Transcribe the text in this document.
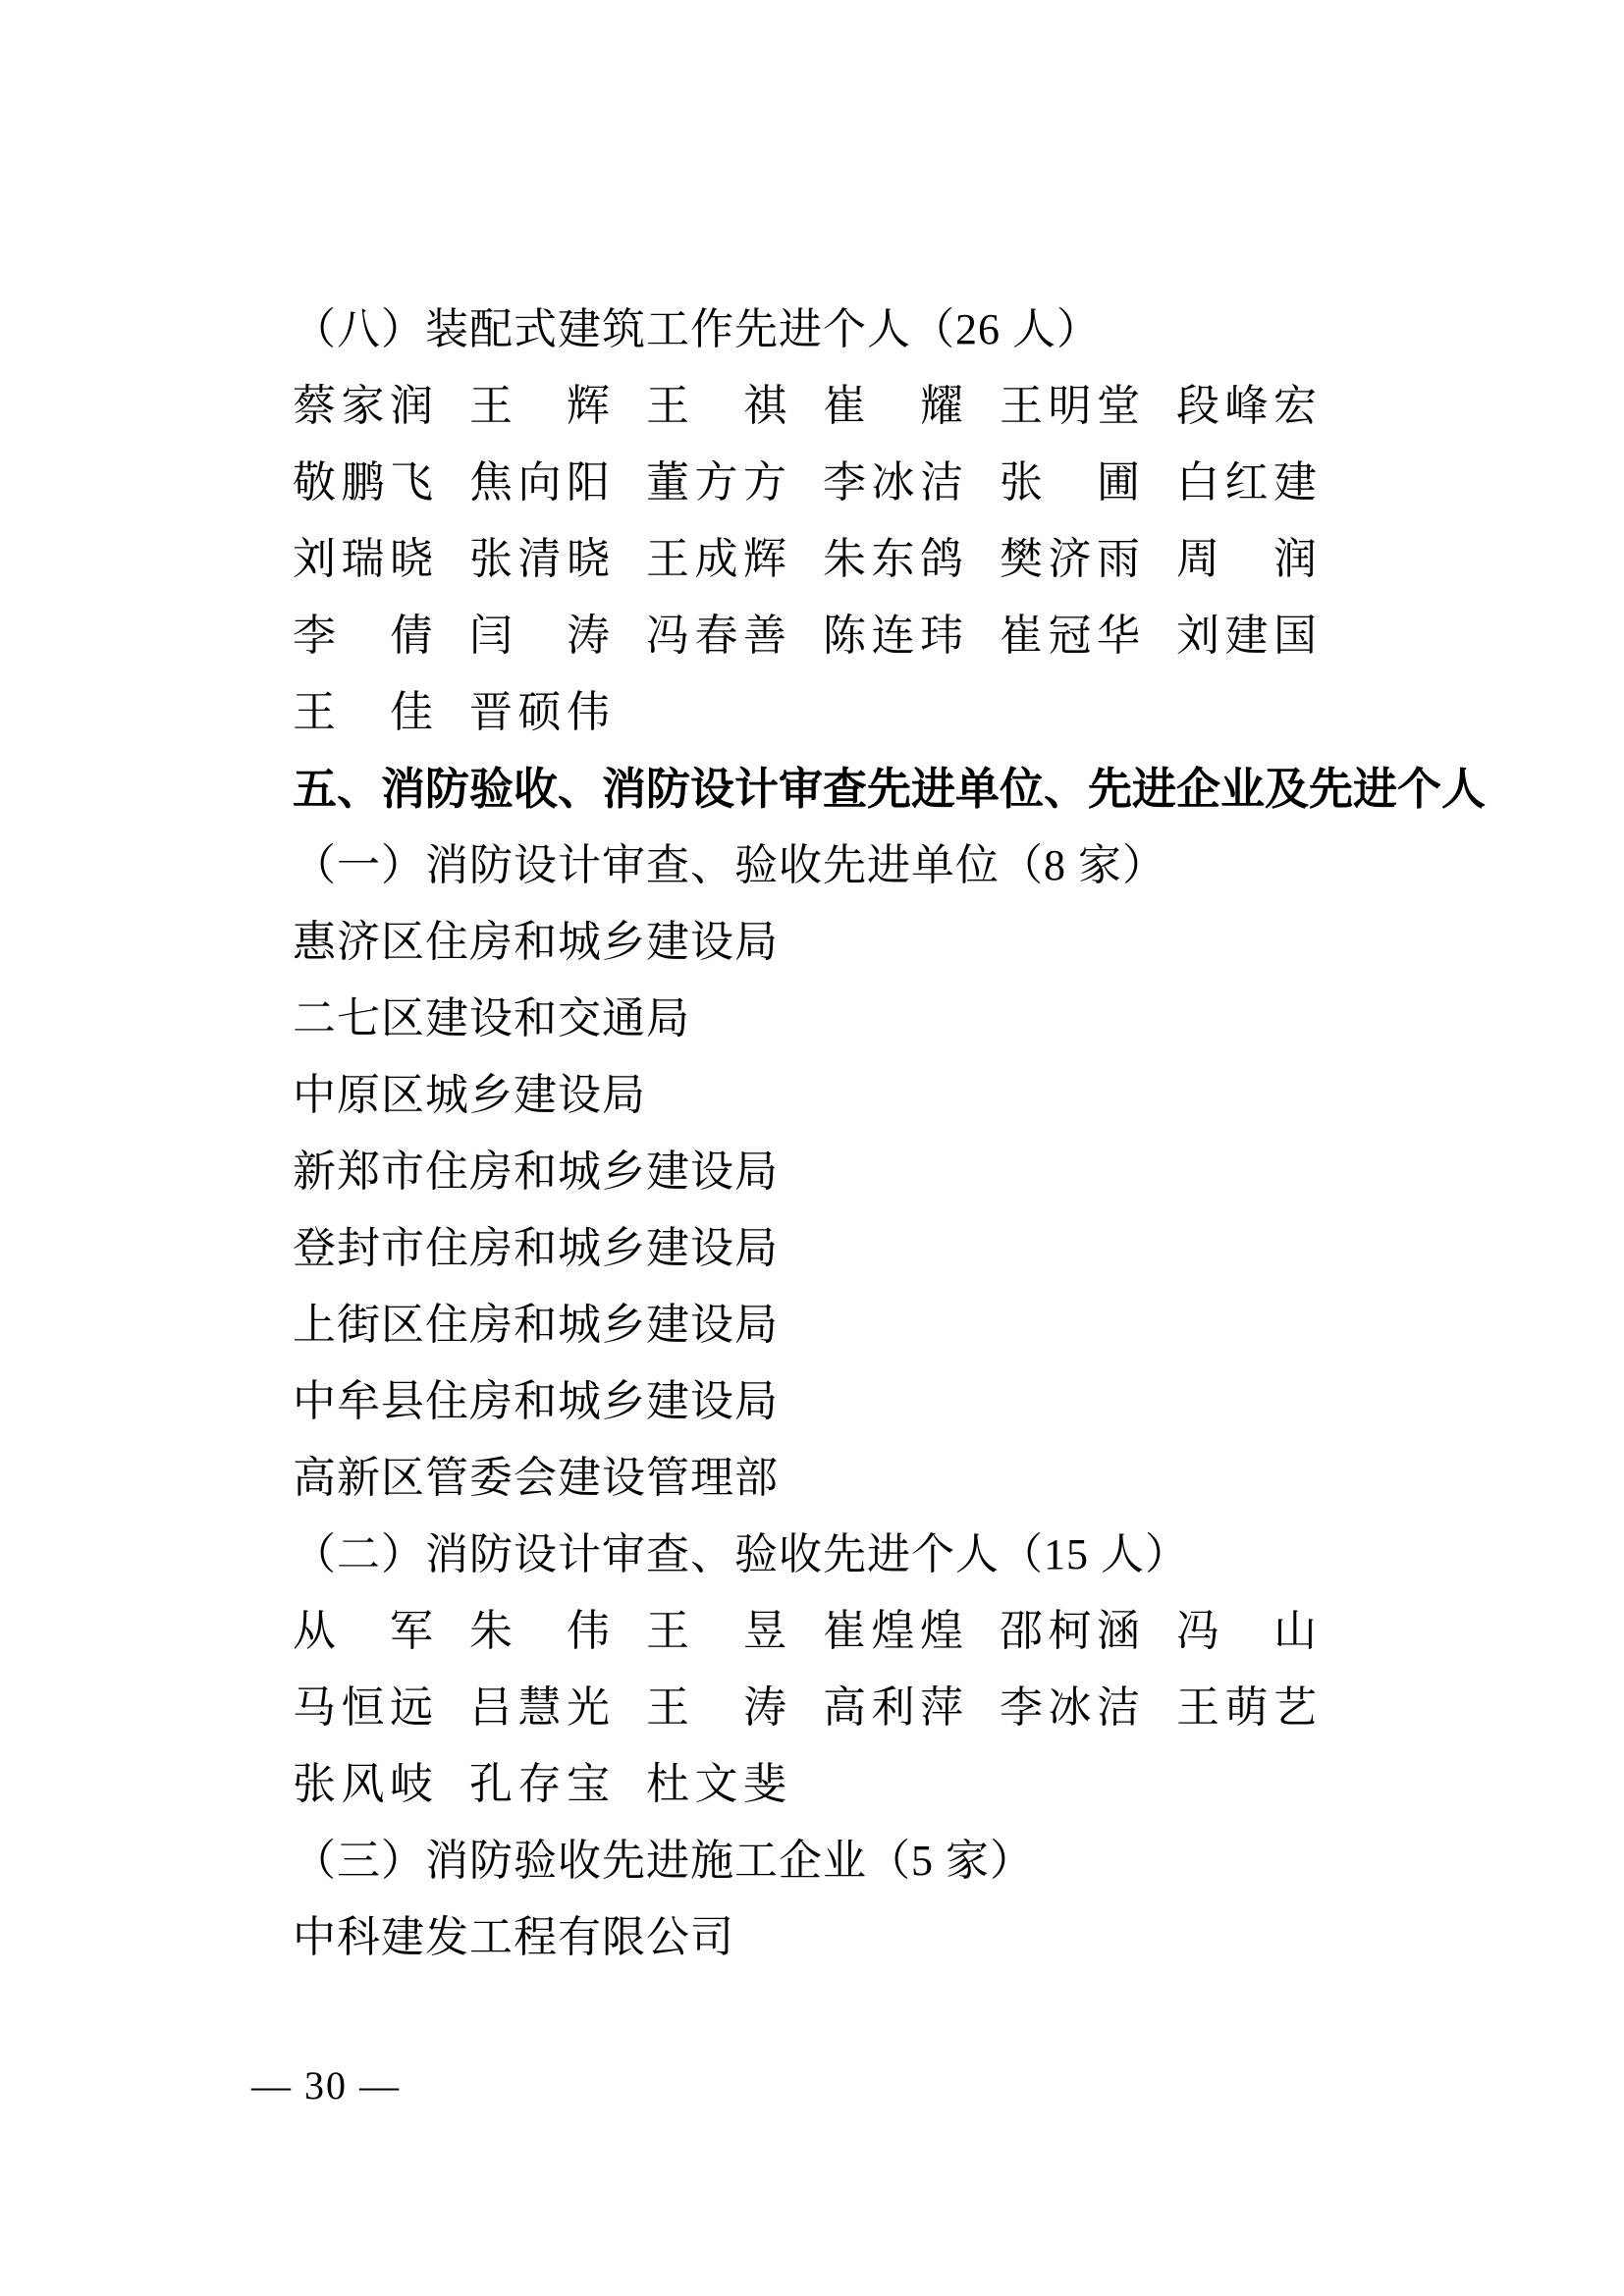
（八）装配式建筑工作先进个人（26 人）
蔡 家 润 王 辉 王 祺 崔 耀 王 明 堂 段 峰 宏
敬 鹏 飞 焦 向 阳 董 方 方 李 冰 洁 张 圃 白 红 建
刘 瑞 晓 张 清 晓 王 成 辉 朱 东 鸽 樊 济 雨 周 润
李 倩 闫 涛 冯 春 善 陈 连 玮 崔 冠 华 刘 建 国
王 佳 晋 硕 伟
五、消防验收、消防设计审查先进单位、先进企业及先进个人
（一）消防设计审查、验收先进单位（8 家）
惠济区住房和城乡建设局
二七区建设和交通局
中原区城乡建设局
新郑市住房和城乡建设局
登封市住房和城乡建设局
上街区住房和城乡建设局
中牟县住房和城乡建设局
高新区管委会建设管理部
（二）消防设计审查、验收先进个人（15 人）
从 军 朱 伟 王 昱 崔 煌 煌 邵 柯 涵 冯 山
马 恒 远 吕 慧 光 王 涛 高 利 萍 李 冰 洁 王 萌 艺
张 风 岐 孔 存 宝 杜 文 斐
（三）消防验收先进施工企业（5 家）
中科建发工程有限公司
— 30 —
